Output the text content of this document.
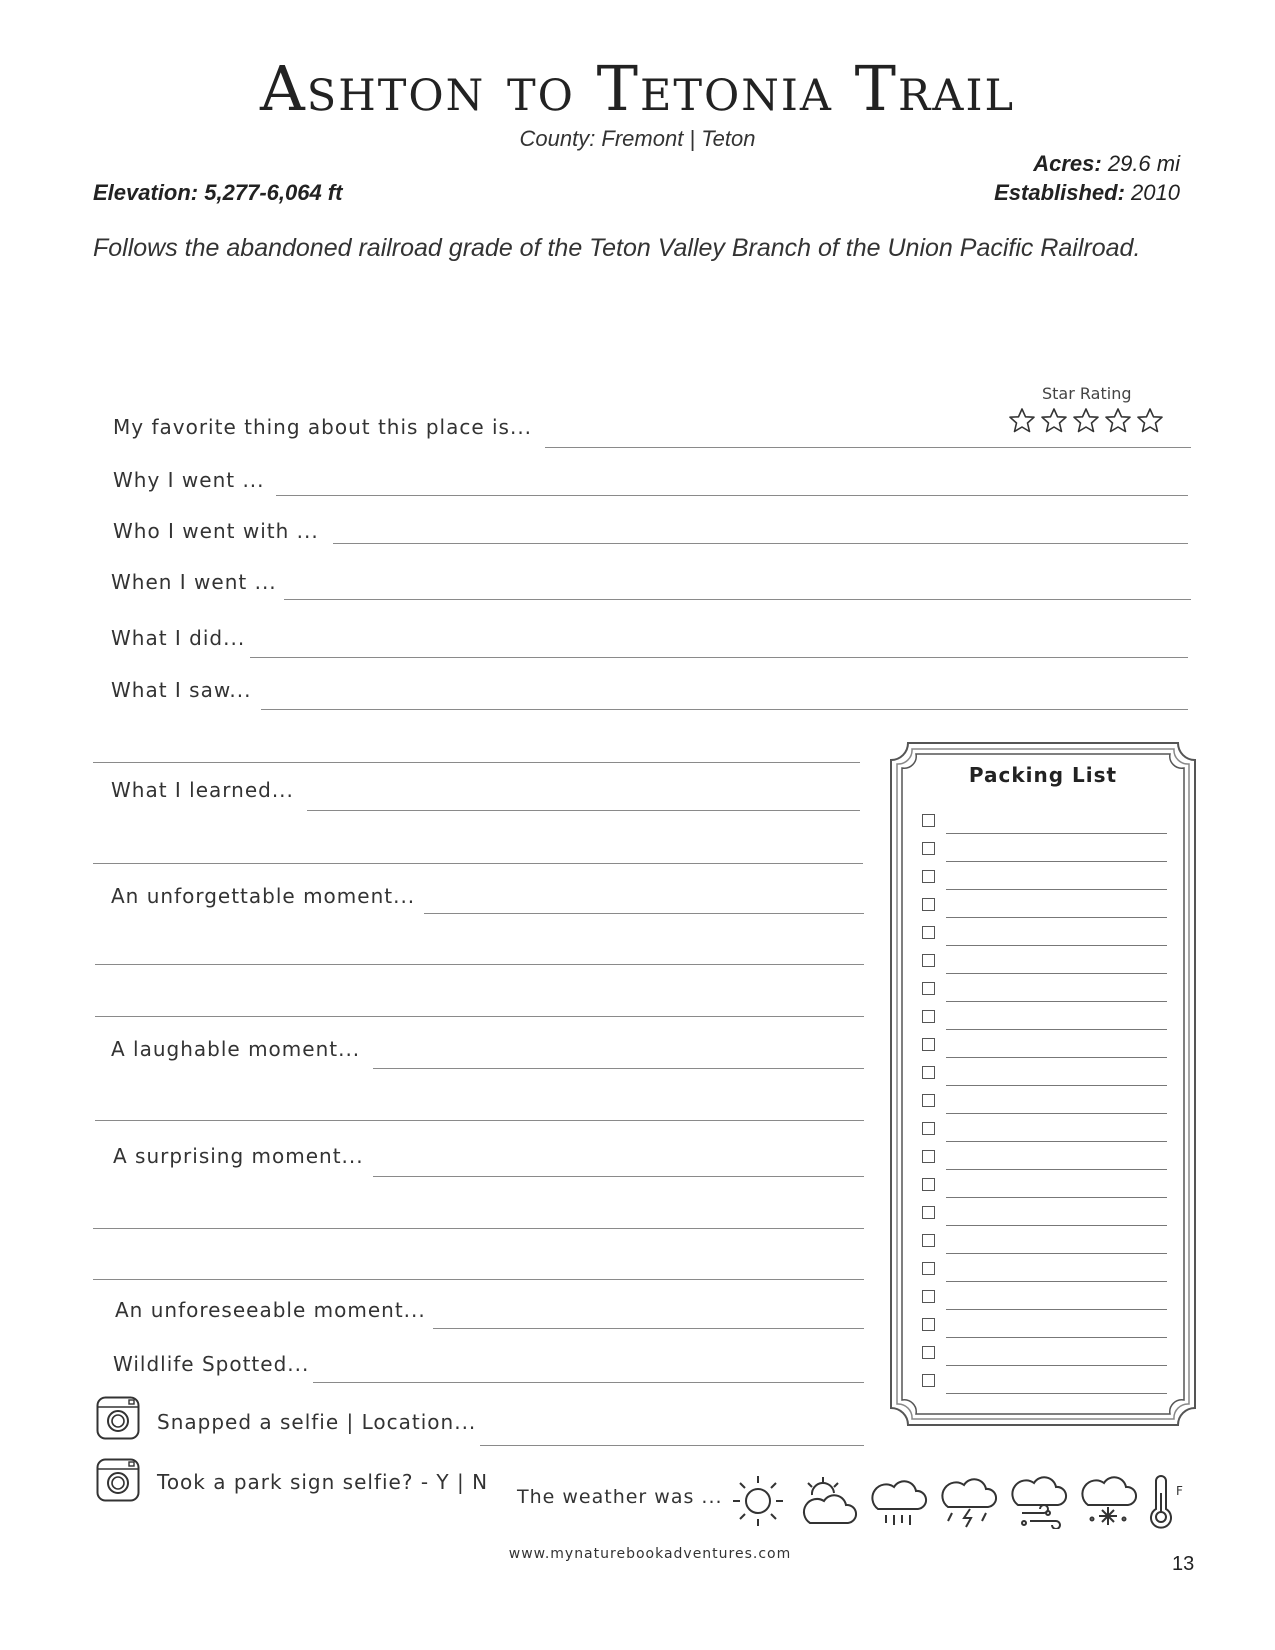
Ashton to Tetonia Trail
County: Fremont | Teton
Acres: 29.6 mi
Elevation: 5,277-6,064 ft	Established: 2010
Follows the abandoned railroad grade of the Teton Valley Branch of the Union Pacific Railroad.
Star Rating
My favorite thing about this place is...
Why I went ...
Who I went with ...
When I went ...
What I did...
What I saw...
What I learned...
An unforgettable moment...
A laughable moment...
A surprising moment...
An unforeseeable moment...
Wildlife Spotted...
Snapped a selfie | Location...
Took a park sign selfie? - Y | N
The weather was ...	F
Packing List
www.mynaturebookadventures.com	13
